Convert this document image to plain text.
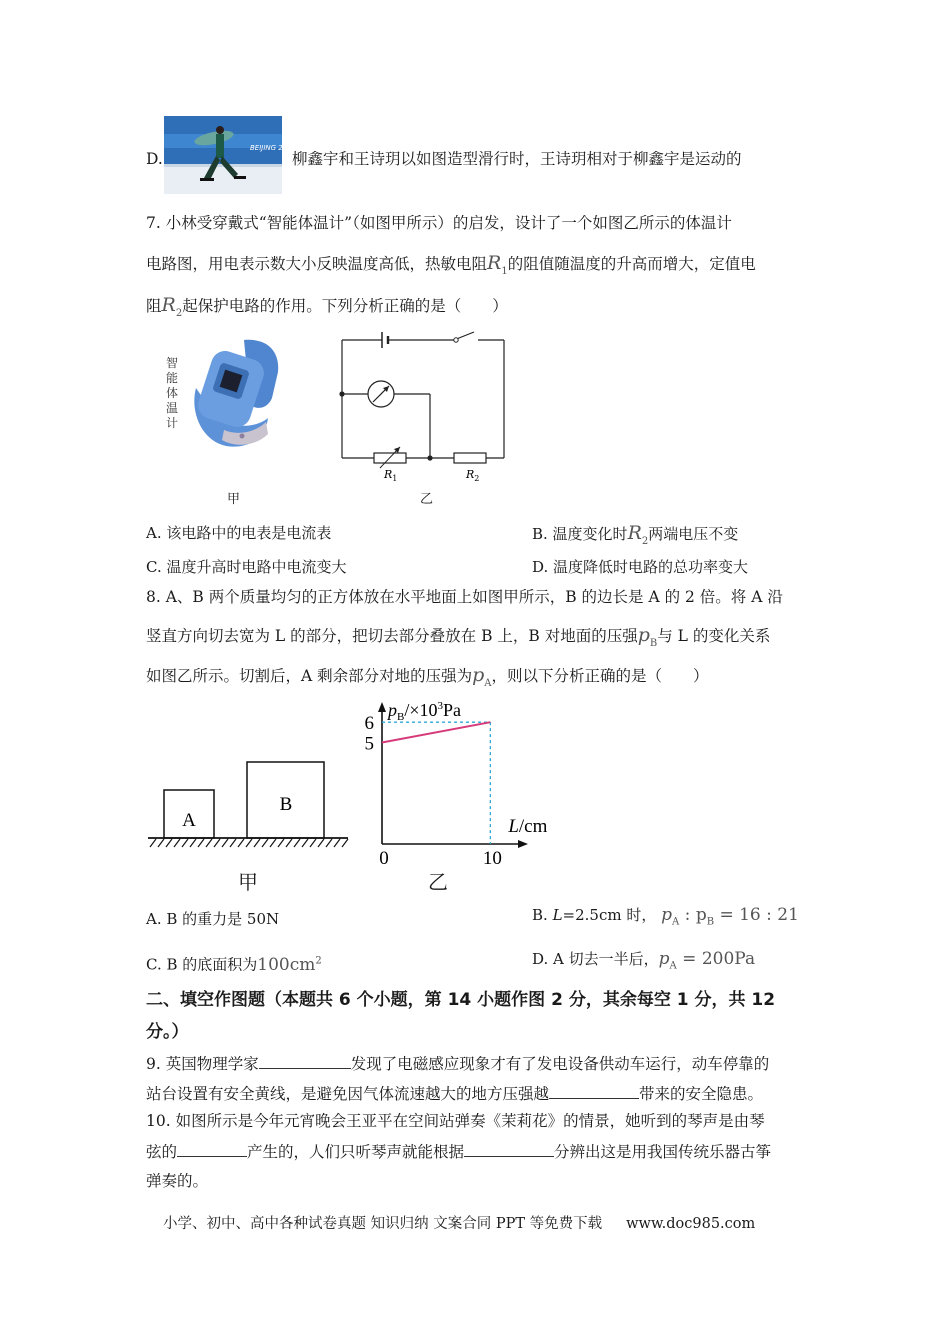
D.
BEIJING 2022
柳鑫宇和王诗玥以如图造型滑行时，王诗玥相对于柳鑫宇是运动的
7. 小林受穿戴式“智能体温计”（如图甲所示）的启发，设计了一个如图乙所示的体温计
电路图，用电表示数大小反映温度高低，热敏电阻$R_1$的阻值随温度的升高而增大，定值电
阻$R_2$起保护电路的作用。下列分析正确的是（　　）
智
能
体
温
计
甲
$R_1$	$R_2$
乙
A. 该电路中的电表是电流表	B. 温度变化时$R_2$两端电压不变
C. 温度升高时电路中电流变大	D. 温度降低时电路的总功率变大
8. A、B 两个质量均匀的正方体放在水平地面上如图甲所示，B 的边长是 A 的 2 倍。将 A 沿
竖直方向切去宽为 L 的部分，把切去部分叠放在 B 上，B 对地面的压强$p_B$与 L 的变化关系
如图乙所示。切割后，A 剩余部分对地的压强为$p_A$，则以下分析正确的是（　　）
A
B
甲
5
6
0	10
$p_B/\times 10^3Pa$
L/cm
乙
A. B 的重力是 50N	B. L=2.5cm 时， $p_A$ : $p_B = 16$ : 21
C. B 的底面积为$100cm^2$	D. A 切去一半后，$p_A = 200Pa$
二、填空作图题（本题共 6 个小题，第 14 小题作图 2 分，其余每空 1 分，共 12
分。）
9. 英国物理学家	发现了电磁感应现象才有了发电设备供动车运行，动车停靠的
站台设置有安全黄线，是避免因气体流速越大的地方压强越	带来的安全隐患。
10. 如图所示是今年元宵晚会王亚平在空间站弹奏《茉莉花》的情景，她听到的琴声是由琴
弦的	产生的，人们只听琴声就能根据	分辨出这是用我国传统乐器古筝
弹奏的。
小学、初中、高中各种试卷真题 知识归纳 文案合同 PPT 等免费下载 www.doc985.com
